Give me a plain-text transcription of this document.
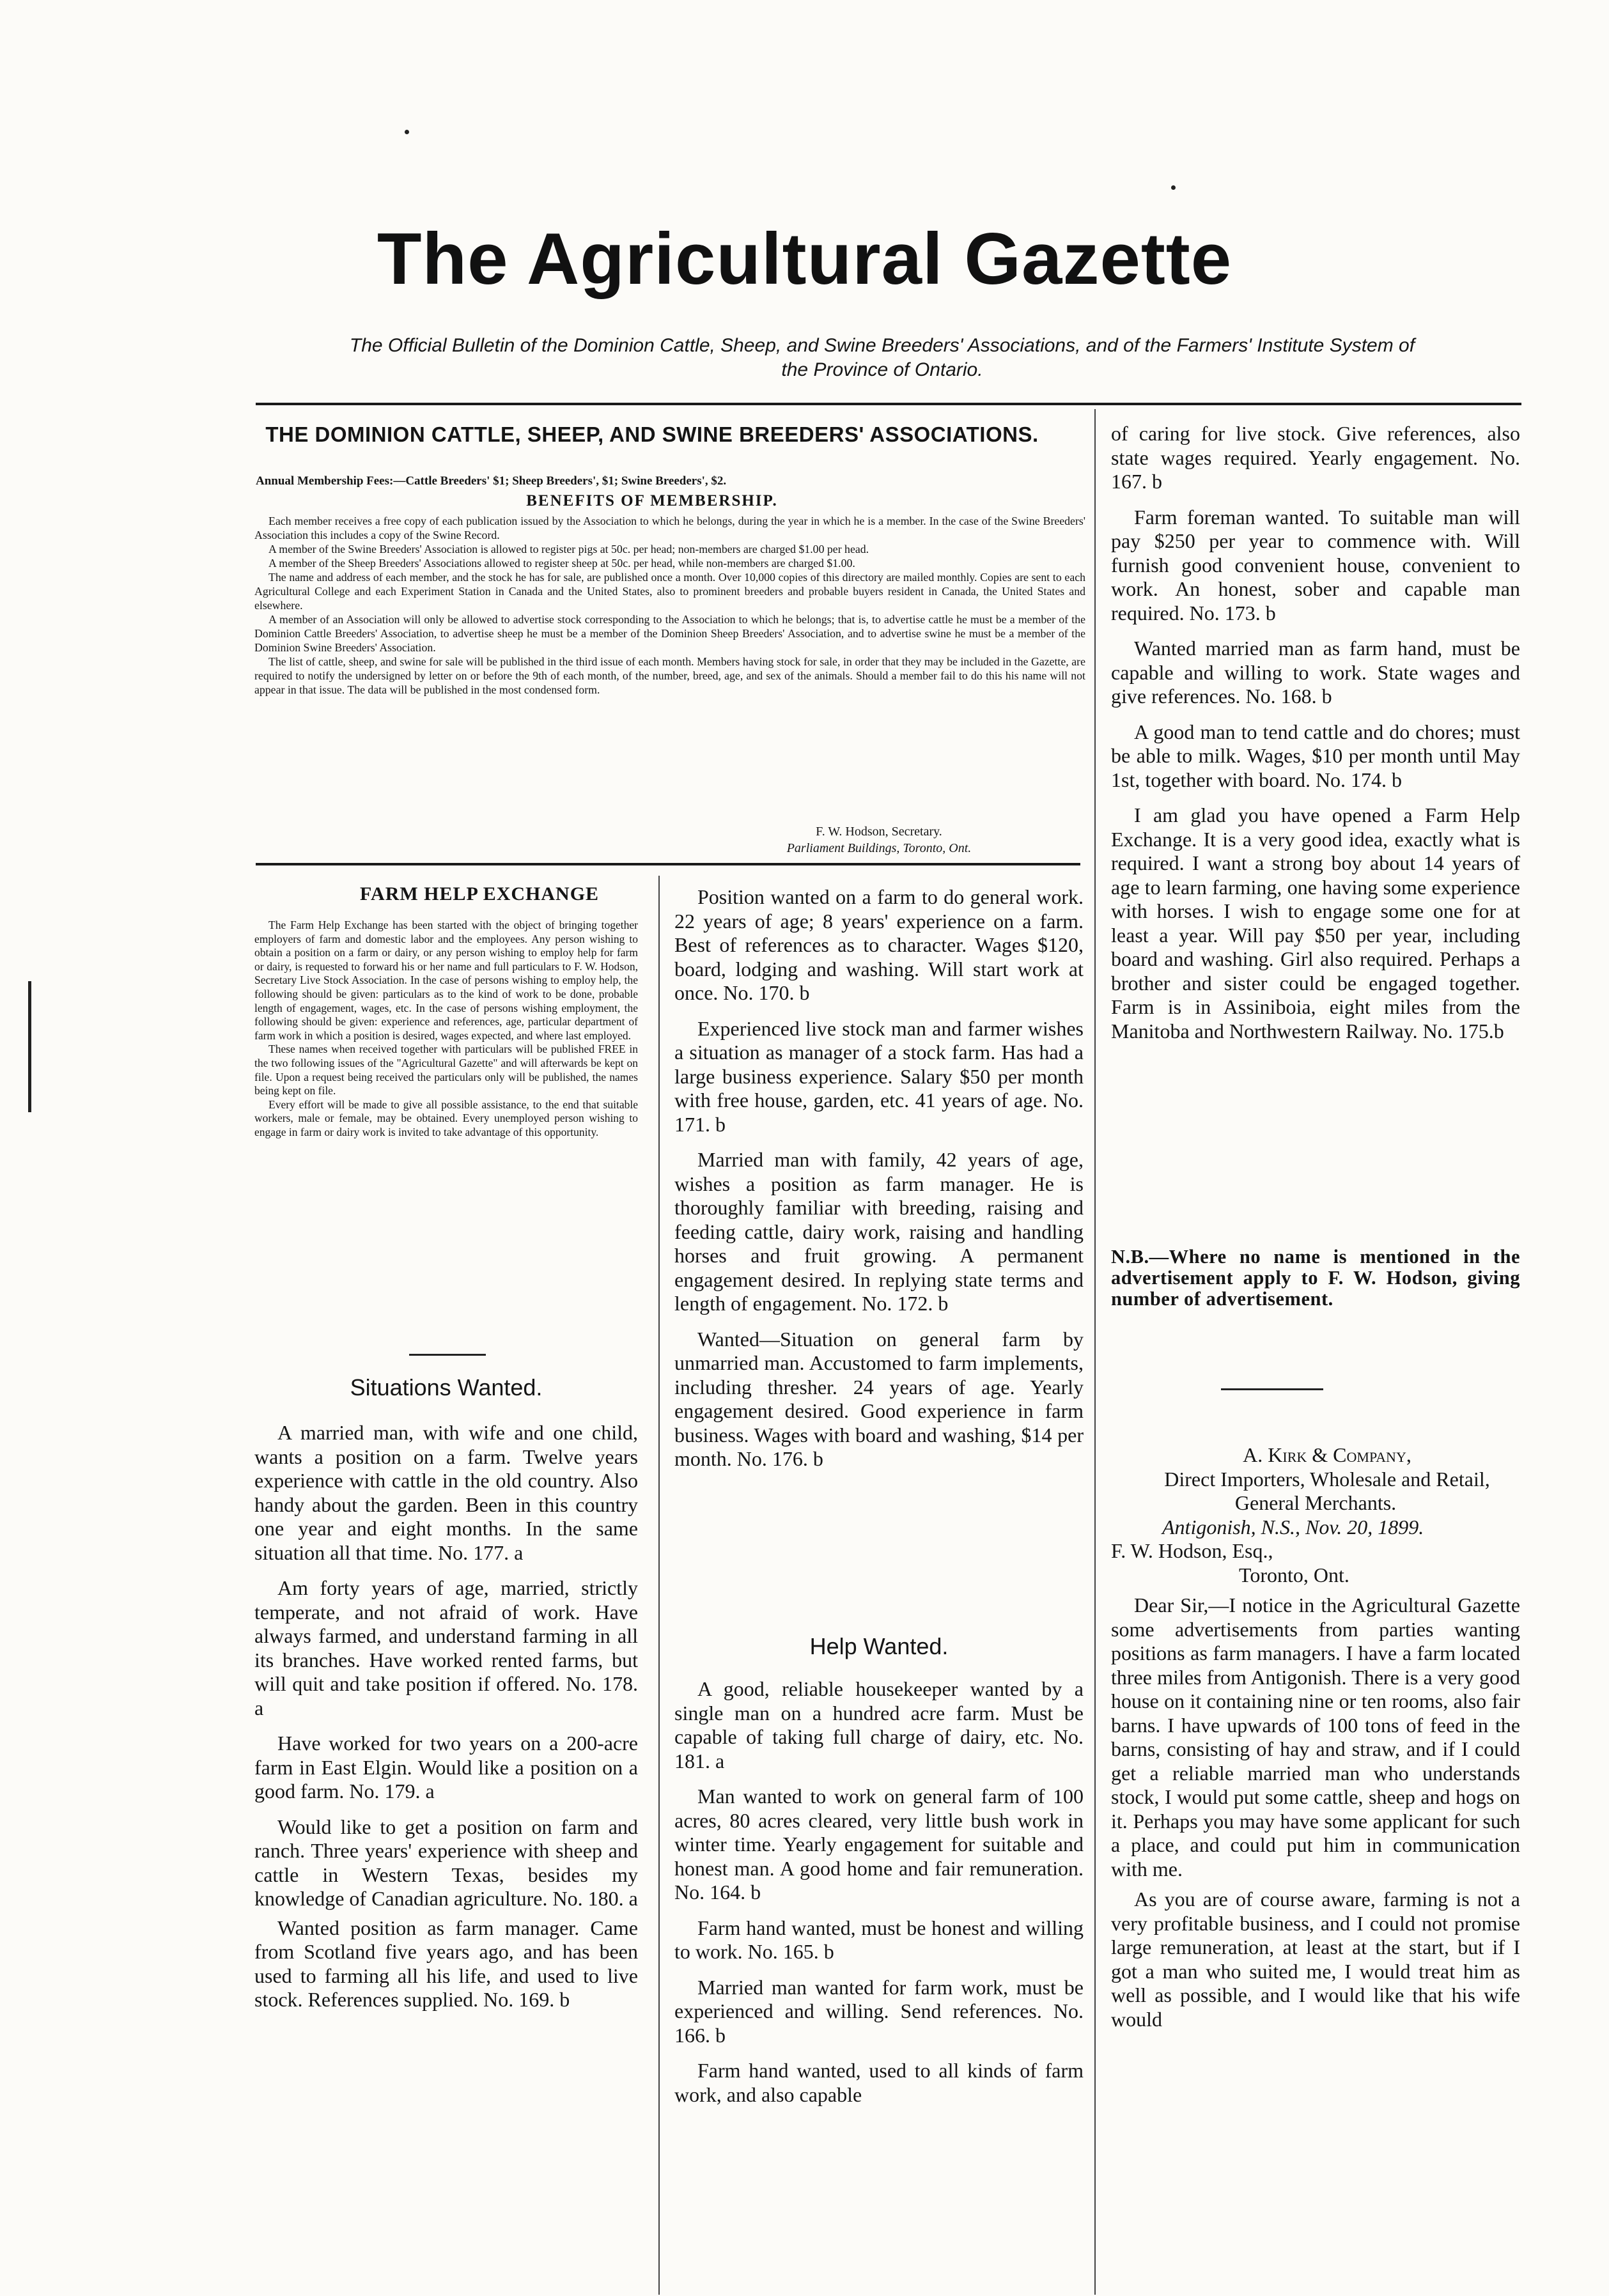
The Agricultural Gazette
The Official Bulletin of the Dominion Cattle, Sheep, and Swine Breeders' Associations, and of the Farmers' Institute System of the Province of Ontario.
THE DOMINION CATTLE, SHEEP, AND SWINE BREEDERS' ASSOCIATIONS.
Annual Membership Fees:—Cattle Breeders' $1; Sheep Breeders', $1; Swine Breeders', $2.
BENEFITS OF MEMBERSHIP.

Each member receives a free copy of each publication issued by the Association to which he belongs, during the year in which he is a member. In the case of the Swine Breeders' Association this includes a copy of the Swine Record.

A member of the Swine Breeders' Association is allowed to register pigs at 50c. per head; non-members are charged $1.00 per head.

A member of the Sheep Breeders' Associations allowed to register sheep at 50c. per head, while non-members are charged $1.00.

The name and address of each member, and the stock he has for sale, are published once a month. Over 10,000 copies of this directory are mailed monthly. Copies are sent to each Agricultural College and each Experiment Station in Canada and the United States, also to prominent breeders and probable buyers resident in Canada, the United States and elsewhere.

A member of an Association will only be allowed to advertise stock corresponding to the Association to which he belongs; that is, to advertise cattle he must be a member of the Dominion Cattle Breeders' Association, to advertise sheep he must be a member of the Dominion Sheep Breeders' Association, and to advertise swine he must be a member of the Dominion Swine Breeders' Association.

The list of cattle, sheep, and swine for sale will be published in the third issue of each month. Members having stock for sale, in order that they may be included in the Gazette, are required to notify the undersigned by letter on or before the 9th of each month, of the number, breed, age, and sex of the animals. Should a member fail to do this his name will not appear in that issue. The data will be published in the most condensed form.

F. W. Hodson, Secretary.
Parliament Buildings, Toronto, Ont.
FARM HELP EXCHANGE

The Farm Help Exchange has been started with the object of bringing together employers of farm and domestic labor and the employees. Any person wishing to obtain a position on a farm or dairy, or any person wishing to employ help for farm or dairy, is requested to forward his or her name and full particulars to F. W. Hodson, Secretary Live Stock Association. In the case of persons wishing to employ help, the following should be given: particulars as to the kind of work to be done, probable length of engagement, wages, etc. In the case of persons wishing employment, the following should be given: experience and references, age, particular department of farm work in which a position is desired, wages expected, and where last employed.

These names when received together with particulars will be published FREE in the two following issues of the "Agricultural Gazette" and will afterwards be kept on file. Upon a request being received the particulars only will be published, the names being kept on file.

Every effort will be made to give all possible assistance, to the end that suitable workers, male or female, may be obtained. Every unemployed person wishing to engage in farm or dairy work is invited to take advantage of this opportunity.

Situations Wanted.

A married man, with wife and one child, wants a position on a farm. Twelve years experience with cattle in the old country. Also handy about the garden. Been in this country one year and eight months. In the same situation all that time. No. 177. a

Am forty years of age, married, strictly temperate, and not afraid of work. Have always farmed, and understand farming in all its branches. Have worked rented farms, but will quit and take position if offered. No. 178. a

Have worked for two years on a 200-acre farm in East Elgin. Would like a position on a good farm. No. 179. a

Would like to get a position on farm and ranch. Three years' experience with sheep and cattle in Western Texas, besides my knowledge of Canadian agriculture. No. 180. a

Wanted position as farm manager. Came from Scotland five years ago, and has been used to farming all his life, and used to live stock. References supplied. No. 169. b

Position wanted on a farm to do general work. 22 years of age; 8 years' experience on a farm. Best of references as to character. Wages $120, board, lodging and washing. Will start work at once. No. 170. b

Experienced live stock man and farmer wishes a situation as manager of a stock farm. Has had a large business experience. Salary $50 per month with free house, garden, etc. 41 years of age. No. 171. b

Married man with family, 42 years of age, wishes a position as farm manager. He is thoroughly familiar with breeding, raising and feeding cattle, dairy work, raising and handling horses and fruit growing. A permanent engagement desired. In replying state terms and length of engagement. No. 172. b

Wanted—Situation on general farm by unmarried man. Accustomed to farm implements, including thresher. 24 years of age. Yearly engagement desired. Good experience in farm business. Wages with board and washing, $14 per month. No. 176. b

Help Wanted.

A good, reliable housekeeper wanted by a single man on a hundred acre farm. Must be capable of taking full charge of dairy, etc. No. 181. a

Man wanted to work on general farm of 100 acres, 80 acres cleared, very little bush work in winter time. Yearly engagement for suitable and honest man. A good home and fair remuneration. No. 164. b

Farm hand wanted, must be honest and willing to work. No. 165. b

Married man wanted for farm work, must be experienced and willing. Send references. No. 166. b

Farm hand wanted, used to all kinds of farm work, and also capable

of caring for live stock. Give references, also state wages required. Yearly engagement. No. 167. b

Farm foreman wanted. To suitable man will pay $250 per year to commence with. Will furnish good convenient house, convenient to work. An honest, sober and capable man required. No. 173. b

Wanted married man as farm hand, must be capable and willing to work. State wages and give references. No. 168. b

A good man to tend cattle and do chores; must be able to milk. Wages, $10 per month until May 1st, together with board. No. 174. b

I am glad you have opened a Farm Help Exchange. It is a very good idea, exactly what is required. I want a strong boy about 14 years of age to learn farming, one having some experience with horses. I wish to engage some one for at least a year. Will pay $50 per year, including board and washing. Girl also required. Perhaps a brother and sister could be engaged together. Farm is in Assiniboia, eight miles from the Manitoba and Northwestern Railway. No. 175.b

N.B.—Where no name is mentioned in the advertisement apply to F. W. Hodson, giving number of advertisement.

A. Kirk & Company,

Direct Importers, Wholesale and Retail, General Merchants.

Antigonish, N.S., Nov. 20, 1899.

F. W. Hodson, Esq.,

Toronto, Ont.

Dear Sir,—I notice in the Agricultural Gazette some advertisements from parties wanting positions as farm managers. I have a farm located three miles from Antigonish. There is a very good house on it containing nine or ten rooms, also fair barns. I have upwards of 100 tons of feed in the barns, consisting of hay and straw, and if I could get a reliable married man who understands stock, I would put some cattle, sheep and hogs on it. Perhaps you may have some applicant for such a place, and could put him in communication with me.

As you are of course aware, farming is not a very profitable business, and I could not promise large remuneration, at least at the start, but if I got a man who suited me, I would treat him as well as possible, and I would like that his wife would
